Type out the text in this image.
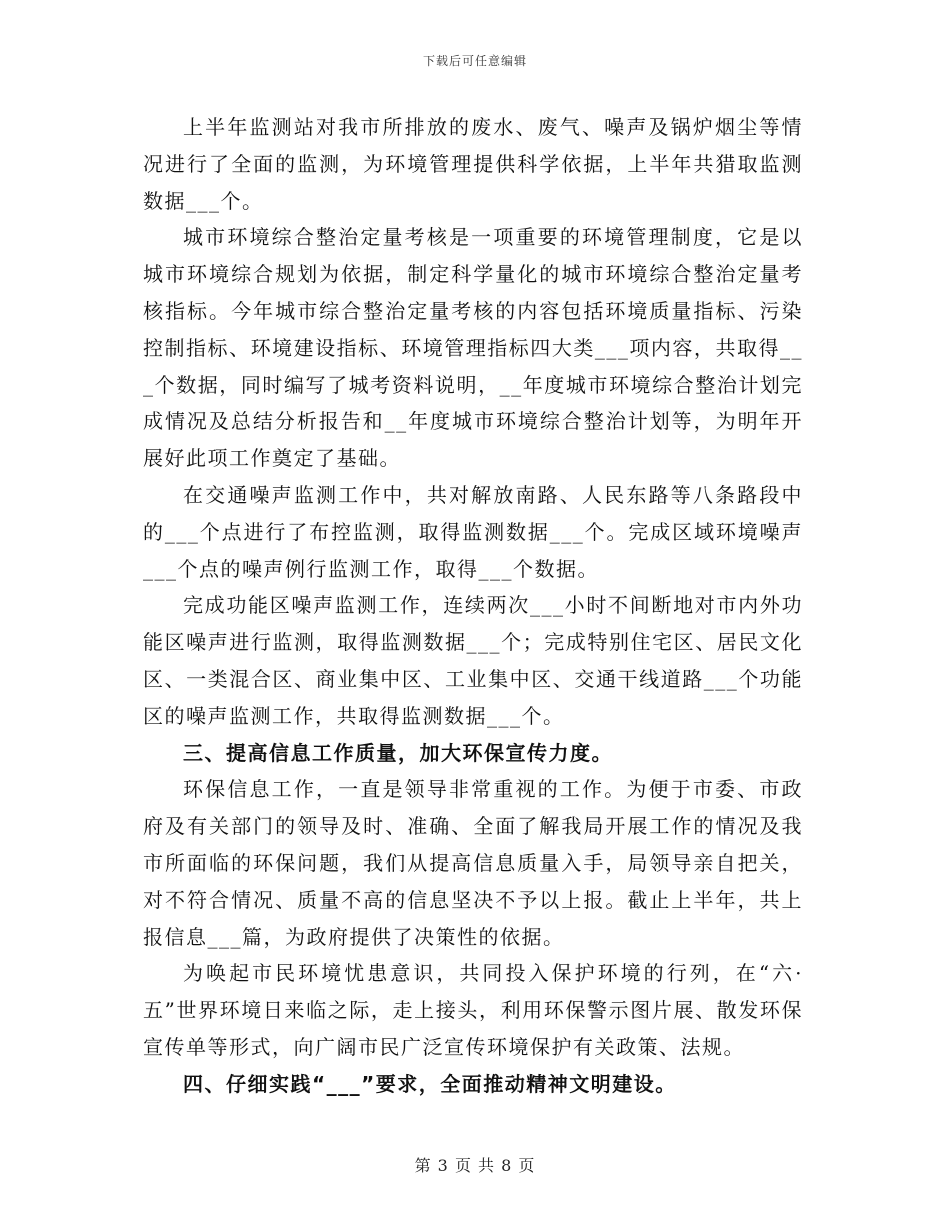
下载后可任意编辑

上半年监测站对我市所排放的废水、废气、噪声及锅炉烟尘等情况进行了全面的监测，为环境管理提供科学依据，上半年共猎取监测数据___个。

城市环境综合整治定量考核是一项重要的环境管理制度，它是以城市环境综合规划为依据，制定科学量化的城市环境综合整治定量考核指标。今年城市综合整治定量考核的内容包括环境质量指标、污染控制指标、环境建设指标、环境管理指标四大类___项内容，共取得___个数据，同时编写了城考资料说明，__年度城市环境综合整治计划完成情况及总结分析报告和__年度城市环境综合整治计划等，为明年开展好此项工作奠定了基础。

在交通噪声监测工作中，共对解放南路、人民东路等八条路段中的___个点进行了布控监测，取得监测数据___个。完成区域环境噪声___个点的噪声例行监测工作，取得___个数据。

完成功能区噪声监测工作，连续两次___小时不间断地对市内外功能区噪声进行监测，取得监测数据___个；完成特别住宅区、居民文化区、一类混合区、商业集中区、工业集中区、交通干线道路___个功能区的噪声监测工作，共取得监测数据___个。

三、提高信息工作质量，加大环保宣传力度。

环保信息工作，一直是领导非常重视的工作。为便于市委、市政府及有关部门的领导及时、准确、全面了解我局开展工作的情况及我市所面临的环保问题，我们从提高信息质量入手，局领导亲自把关，对不符合情况、质量不高的信息坚决不予以上报。截止上半年，共上报信息___篇，为政府提供了决策性的依据。

为唤起市民环境忧患意识，共同投入保护环境的行列，在“六·五”世界环境日来临之际，走上接头，利用环保警示图片展、散发环保宣传单等形式，向广阔市民广泛宣传环境保护有关政策、法规。

四、仔细实践“___”要求，全面推动精神文明建设。

第 3 页 共 8 页
